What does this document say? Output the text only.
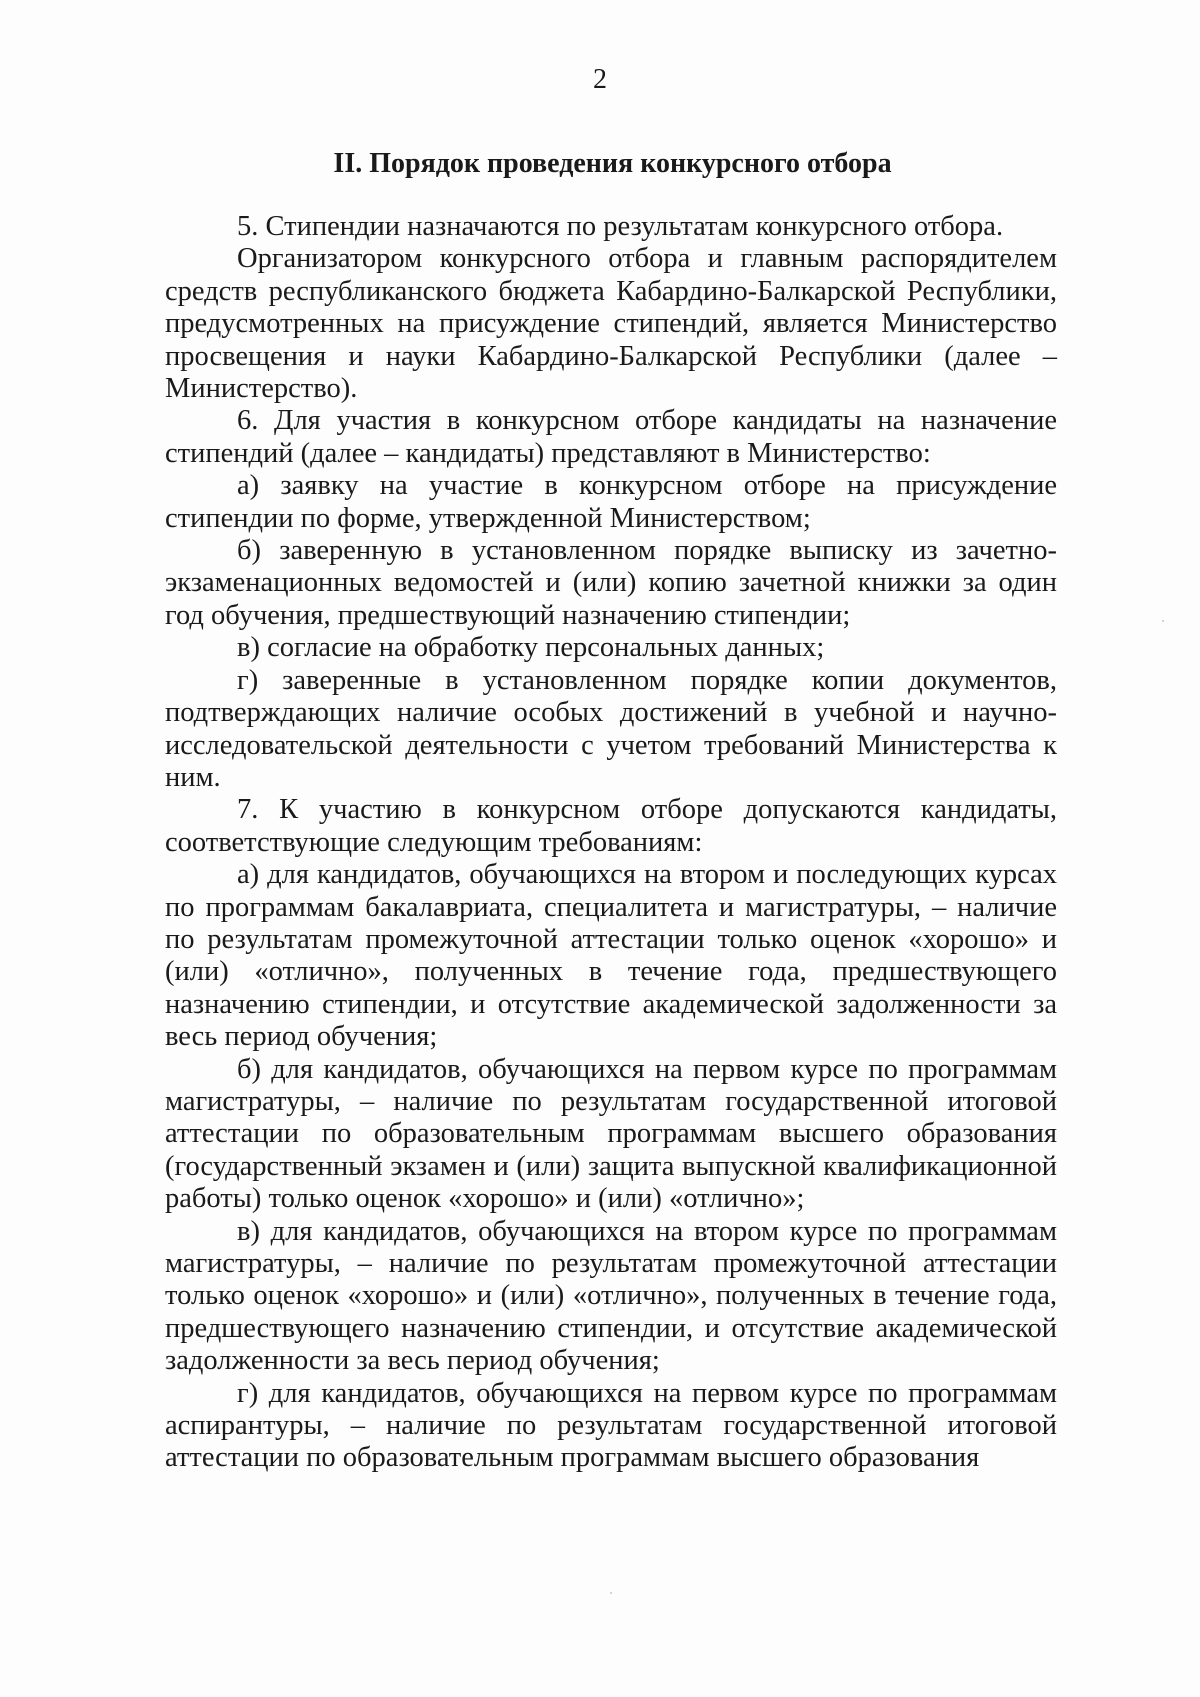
2
II. Порядок проведения конкурсного отбора

5. Стипендии назначаются по результатам конкурсного отбора.

Организатором конкурсного отбора и главным распорядителем средств республиканского бюджета Кабардино-Балкарской Республики, предусмотренных на присуждение стипендий, является Министерство просвещения и науки Кабардино-Балкарской Республики (далее – Министерство).

6. Для участия в конкурсном отборе кандидаты на назначение стипендий (далее – кандидаты) представляют в Министерство:

а) заявку на участие в конкурсном отборе на присуждение стипендии по форме, утвержденной Министерством;

б) заверенную в установленном порядке выписку из зачетно-экзаменационных ведомостей и (или) копию зачетной книжки за один год обучения, предшествующий назначению стипендии;

в) согласие на обработку персональных данных;

г) заверенные в установленном порядке копии документов, подтверждающих наличие особых достижений в учебной и научно-исследовательской деятельности с учетом требований Министерства к ним.

7. К участию в конкурсном отборе допускаются кандидаты, соответствующие следующим требованиям:

а) для кандидатов, обучающихся на втором и последующих курсах по программам бакалавриата, специалитета и магистратуры, – наличие по результатам промежуточной аттестации только оценок «хорошо» и (или) «отлично», полученных в течение года, предшествующего назначению стипендии, и отсутствие академической задолженности за весь период обучения;

б) для кандидатов, обучающихся на первом курсе по программам магистратуры, – наличие по результатам государственной итоговой аттестации по образовательным программам высшего образования (государственный экзамен и (или) защита выпускной квалификационной работы) только оценок «хорошо» и (или) «отлично»;

в) для кандидатов, обучающихся на втором курсе по программам магистратуры, – наличие по результатам промежуточной аттестации только оценок «хорошо» и (или) «отлично», полученных в течение года, предшествующего назначению стипендии, и отсутствие академической задолженности за весь период обучения;

г) для кандидатов, обучающихся на первом курсе по программам аспирантуры, – наличие по результатам государственной итоговой аттестации по образовательным программам высшего образования
